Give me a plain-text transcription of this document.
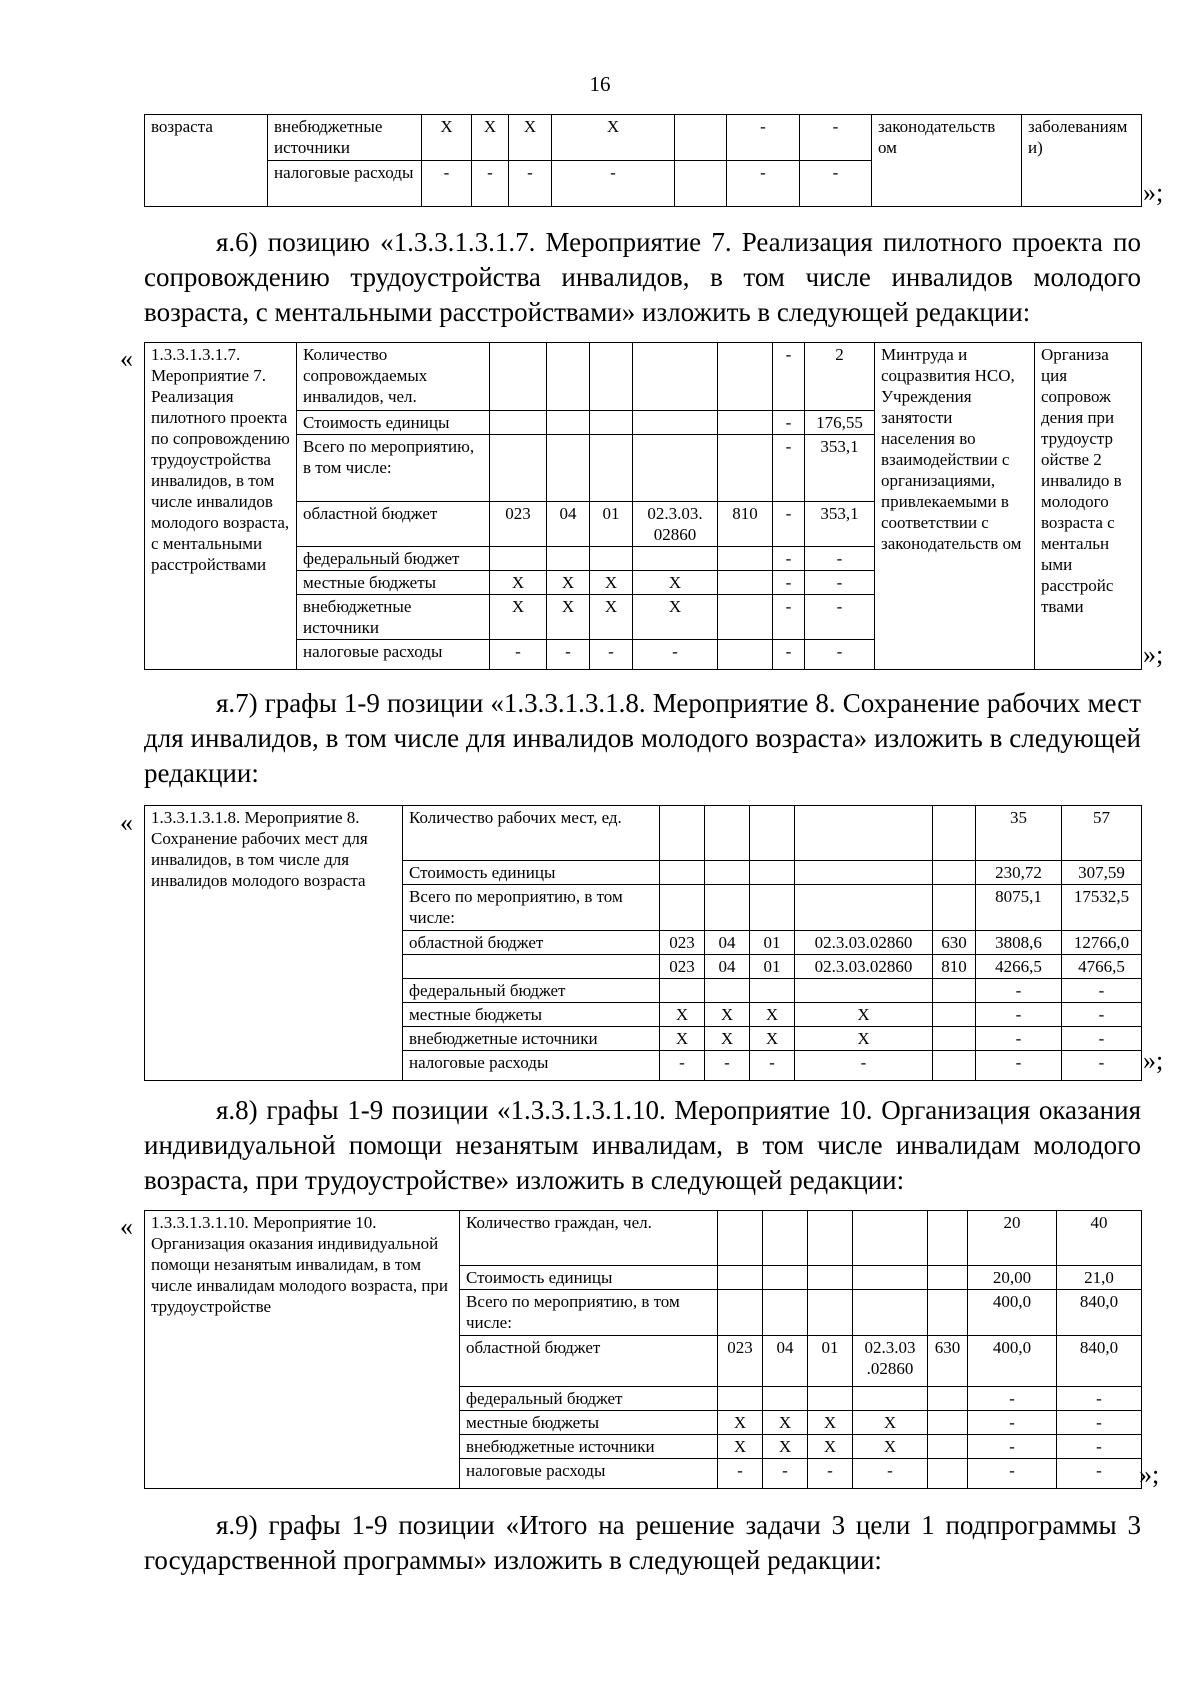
16
возраста	внебюджетные источники	X	X	X	X		-	-	законодательств ом	заболеваниям и)
	налоговые расходы	-	-	-	-		-	-		
»;

я.6) позицию «1.3.3.1.3.1.7. Мероприятие 7. Реализация пилотного проекта по сопровождению трудоустройства инвалидов, в том числе инвалидов молодого возраста, с ментальными расстройствами» изложить в следующей редакции:

« 1.3.3.1.3.1.7. Мероприятие 7. Реализация пилотного проекта по сопровождению трудоустройства инвалидов, в том числе инвалидов молодого возраста, с ментальными расстройствами	Количество сопровождаемых инвалидов, чел.						-	2	Минтруда и соцразвития НСО, Учреждения занятости населения во взаимодействии с организациями, привлекаемыми в соответствии с законодательств ом	Организа ция сопровож дения при трудоустр ойстве 2 инвалидо в молодого возраста с ментальн ыми расстройс твами
	Стоимость единицы						-	176,55		
	Всего по мероприятию, в том числе:						-	353,1		
	областной бюджет	023	04	01	02.3.03. 02860	810	-	353,1		
	федеральный бюджет						-	-		
	местные бюджеты	X	X	X	X		-	-		
	внебюджетные источники	X	X	X	X		-	-		
	налоговые расходы	-	-	-	-		-	-			»;

я.7) графы 1-9 позиции «1.3.3.1.3.1.8. Мероприятие 8. Сохранение рабочих мест для инвалидов, в том числе для инвалидов молодого возраста» изложить в следующей редакции:

« 1.3.3.1.3.1.8. Мероприятие 8. Сохранение рабочих мест для инвалидов, в том числе для инвалидов молодого возраста	Количество рабочих мест, ед.						35	57
	Стоимость единицы						230,72	307,59
	Всего по мероприятию, в том числе:						8075,1	17532,5
	областной бюджет	023	04	01	02.3.03.02860	630	3808,6	12766,0
		023	04	01	02.3.03.02860	810	4266,5	4766,5
	федеральный бюджет						-	-
	местные бюджеты	X	X	X	X		-	-
	внебюджетные источники	X	X	X	X		-	-
	налоговые расходы	-	-	-	-		-	- »;

я.8) графы 1-9 позиции «1.3.3.1.3.1.10. Мероприятие 10. Организация оказания индивидуальной помощи незанятым инвалидам, в том числе инвалидам молодого возраста, при трудоустройстве» изложить в следующей редакции:

« 1.3.3.1.3.1.10. Мероприятие 10. Организация оказания индивидуальной помощи незанятым инвалидам, в том числе инвалидам молодого возраста, при трудоустройстве	Количество граждан, чел.						20	40
	Стоимость единицы						20,00	21,0
	Всего по мероприятию, в том числе:						400,0	840,0
	областной бюджет	023	04	01	02.3.03 .02860	630	400,0	840,0
	федеральный бюджет						-	-
	местные бюджеты	X	X	X	X		-	-
	внебюджетные источники	X	X	X	X		-	-
	налоговые расходы	-	-	-	-		-	- »;

я.9) графы 1-9 позиции «Итого на решение задачи 3 цели 1 подпрограммы 3 государственной программы» изложить в следующей редакции:
